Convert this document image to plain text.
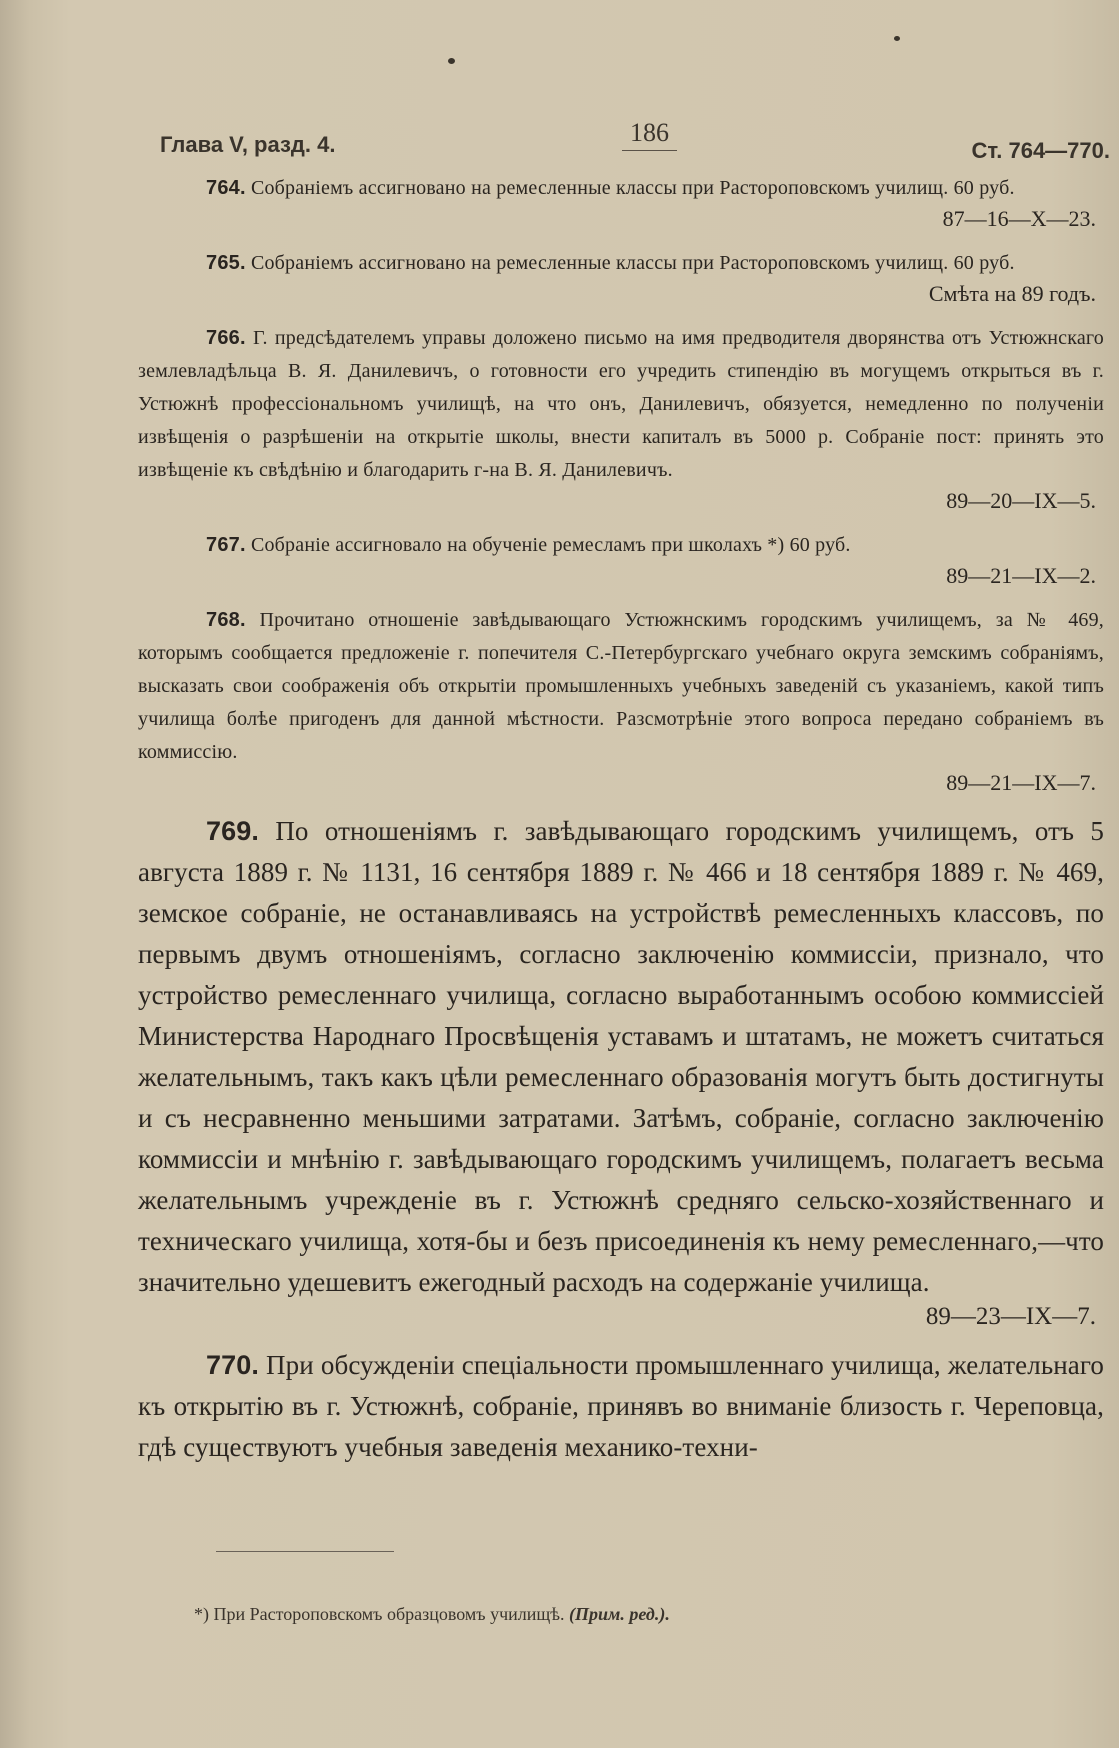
Глава V, разд. 4.	186
Ст. 764—770.

764. Собраніемъ ассигновано на ремесленные классы при Растороповскомъ училищ. 60 руб.

87—16—X—23.

765. Собраніемъ ассигновано на ремесленные классы при Растороповскомъ училищ. 60 руб.

Смѣта на 89 годъ.

766. Г. предсѣдателемъ управы доложено письмо на имя предводителя дворянства отъ Устюжнскаго землевладѣльца В. Я. Данилевичъ, о готовности его учредить стипендію въ могущемъ открыться въ г. Устюжнѣ профессіональномъ училищѣ, на что онъ, Данилевичъ, обязуется, немедленно по полученіи извѣщенія о разрѣшеніи на открытіе школы, внести капиталъ въ 5000 р. Собраніе пост: принять это извѣщеніе къ свѣдѣнію и благодарить г-на В. Я. Данилевичъ.

89—20—IX—5.

767. Собраніе ассигновало на обученіе ремесламъ при школахъ *) 60 руб.

89—21—IX—2.

768. Прочитано отношеніе завѣдывающаго Устюжнскимъ городскимъ училищемъ, за № 469, которымъ сообщается предложеніе г. попечителя С.-Петербургскаго учебнаго округа земскимъ собраніямъ, высказать свои соображенія объ открытіи промышленныхъ учебныхъ заведеній съ указаніемъ, какой типъ училища болѣе пригоденъ для данной мѣстности. Разсмотрѣніе этого вопроса передано собраніемъ въ коммиссію.

89—21—IX—7.

769. По отношеніямъ г. завѣдывающаго городскимъ училищемъ, отъ 5 августа 1889 г. № 1131, 16 сентября 1889 г. № 466 и 18 сентября 1889 г. № 469, земское собраніе, не останавливаясь на устройствѣ ремесленныхъ классовъ, по первымъ двумъ отношеніямъ, согласно заключенію коммиссіи, признало, что устройство ремесленнаго училища, согласно выработаннымъ особою коммиссіей Министерства Народнаго Просвѣщенія уставамъ и штатамъ, не можетъ считаться желательнымъ, такъ какъ цѣли ремесленнаго образованія могутъ быть достигнуты и съ несравненно меньшими затратами. Затѣмъ, собраніе, согласно заключенію коммиссіи и мнѣнію г. завѣдывающаго городскимъ училищемъ, полагаетъ весьма желательнымъ учрежденіе въ г. Устюжнѣ средняго сельско-хозяйственнаго и техническаго училища, хотя-бы и безъ присоединенія къ нему ремесленнаго,—что значительно удешевитъ ежегодный расходъ на содержаніе училища.

89—23—IX—7.

770. При обсужденіи спеціальности промышленнаго училища, желательнаго къ открытію въ г. Устюжнѣ, собраніе, принявъ во вниманіе близость г. Череповца, гдѣ существуютъ учебныя заведенія механико-техни-

*) При Растороповскомъ образцовомъ училищѣ. (Прим. ред.).
